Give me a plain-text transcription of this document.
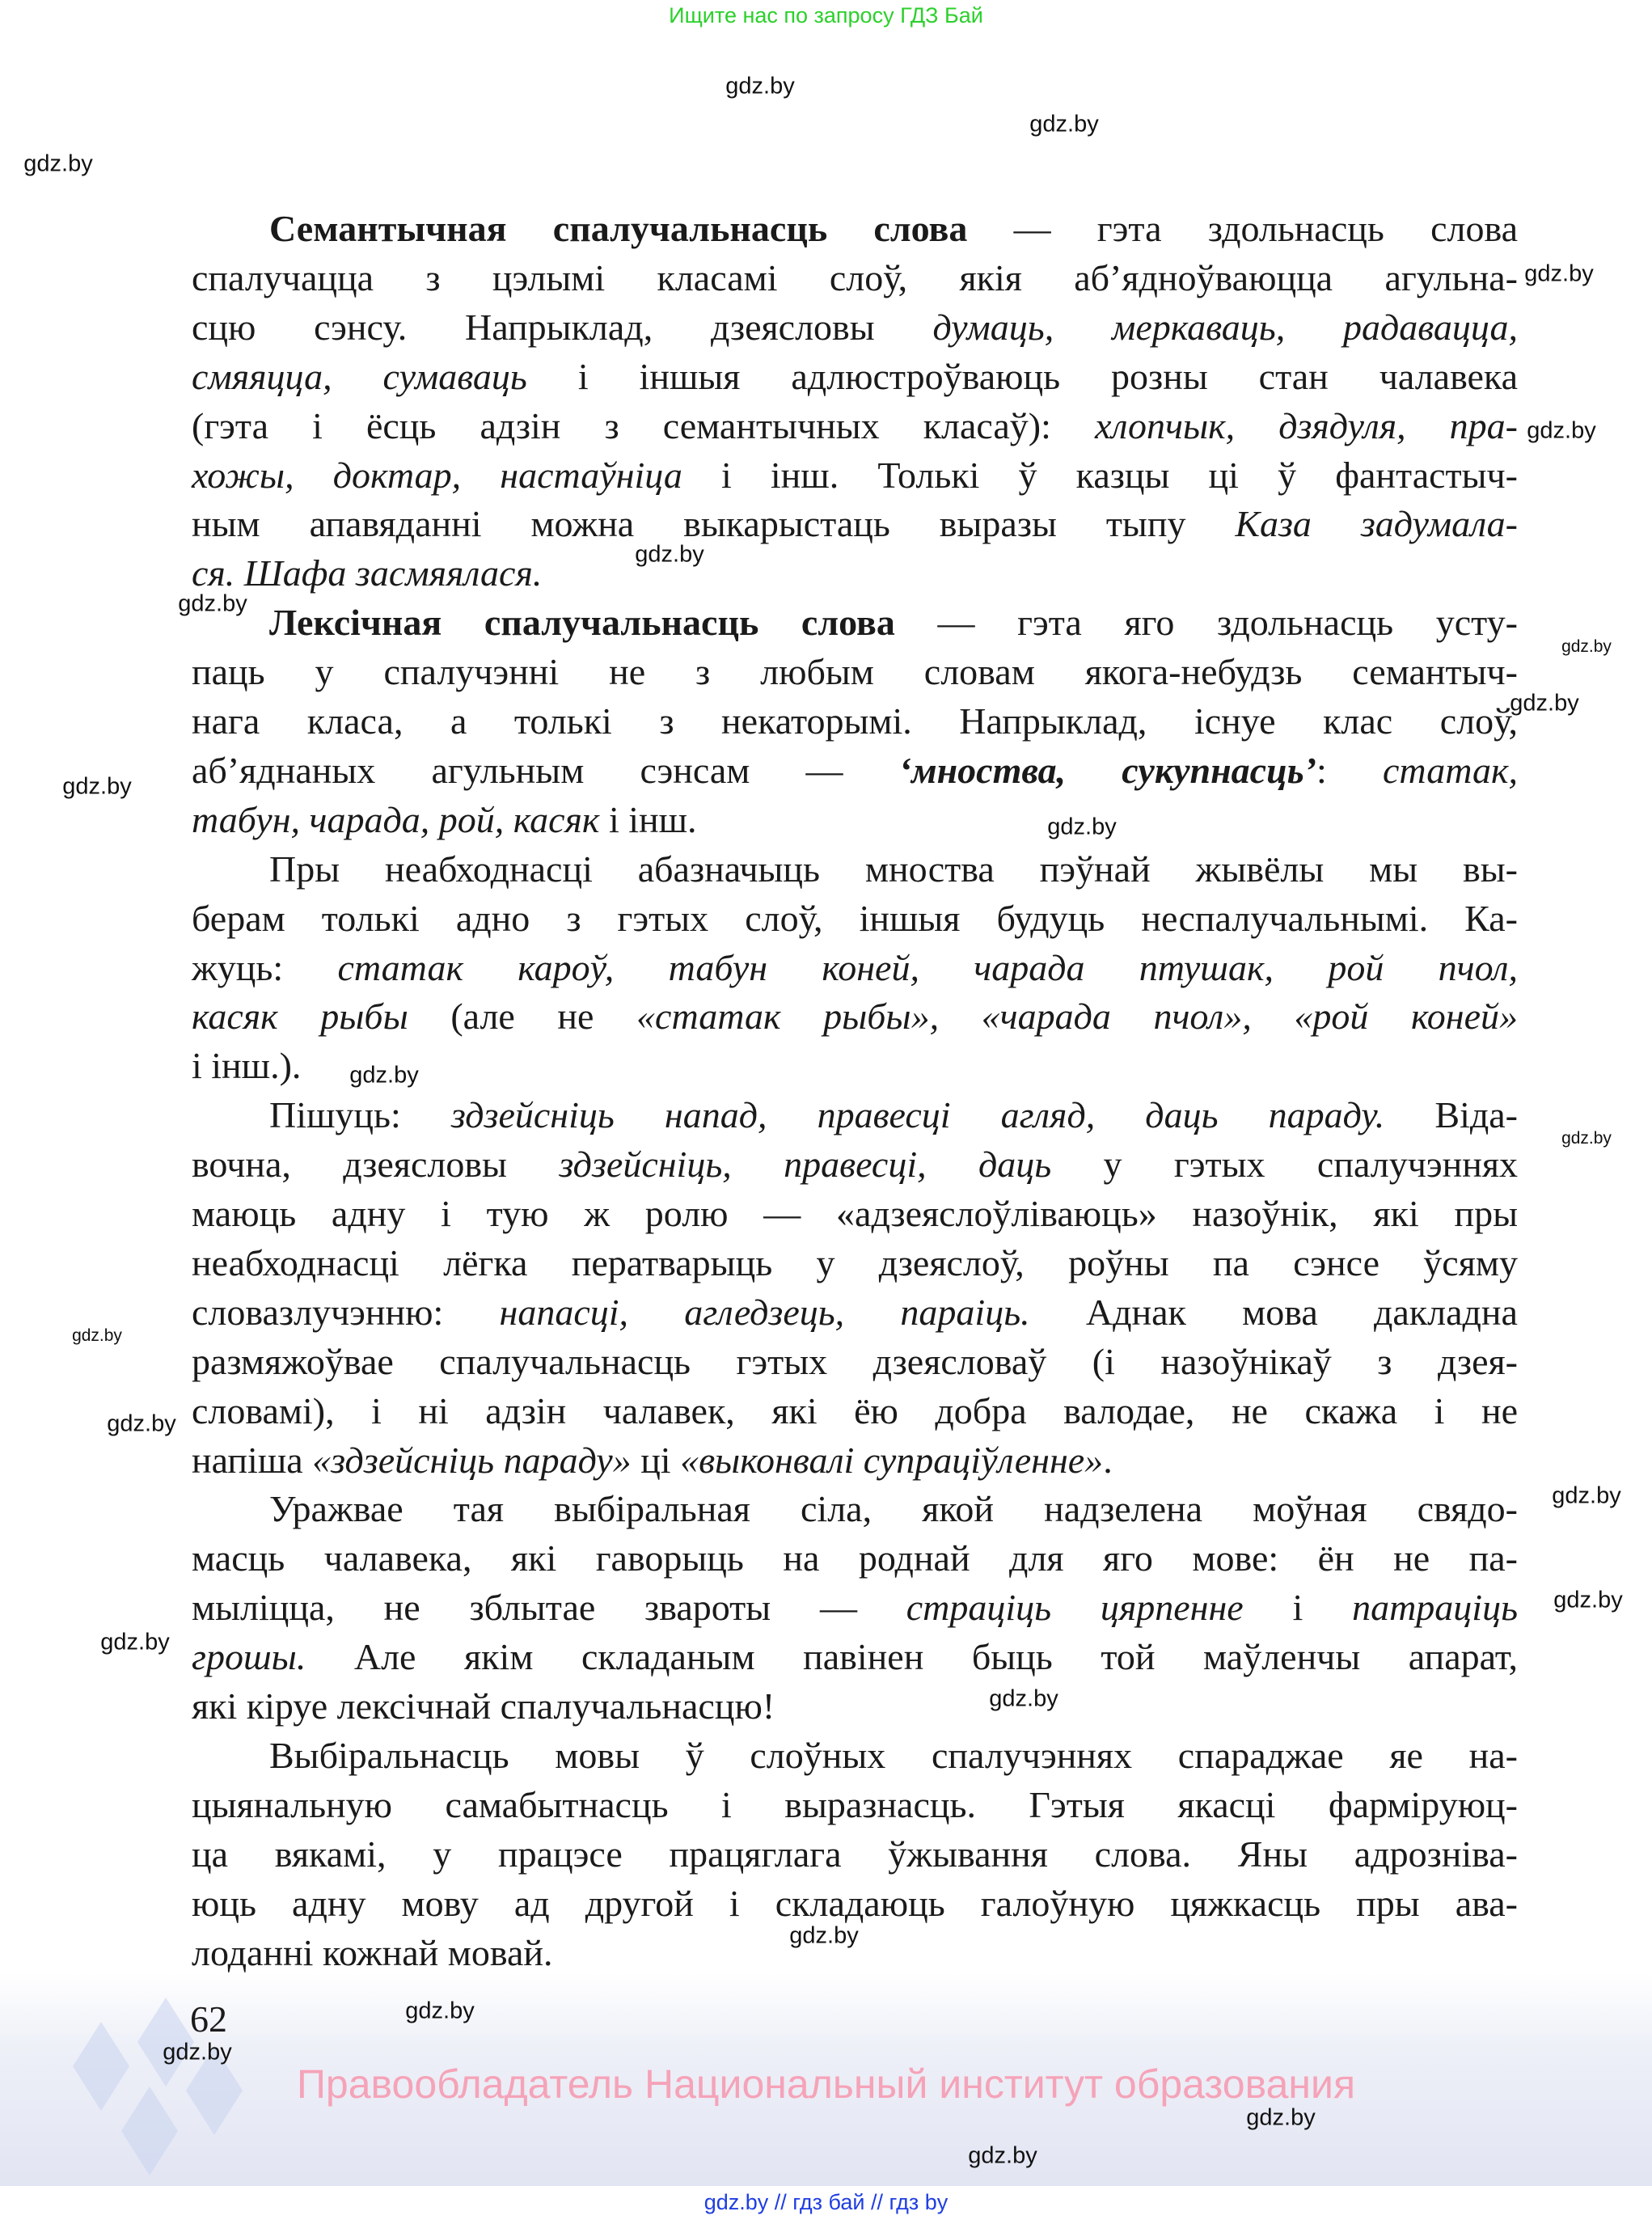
Ищите нас по запросу ГДЗ Бай
Семантычная спалучальнасць слова — гэта здольнасць слова
спалучацца з цэлымі класамі слоў, якія аб’ядноўваюцца агульна-
сцю сэнсу. Напрыклад, дзеясловы думаць, меркаваць, радавацца,
смяяцца, сумаваць і іншыя адлюстроўваюць розны стан чалавека
(гэта і ёсць адзін з семантычных класаў): хлопчык, дзядуля, пра-
хожы, доктар, настаўніца і інш. Толькі ў казцы ці ў фантастыч-
ным апавяданні можна выкарыстаць выразы тыпу Каза задумала-
ся. Шафа засмяялася.
Лексічная спалучальнасць слова — гэта яго здольнасць усту-
паць у спалучэнні не з любым словам якога-небудзь семантыч-
нага класа, а толькі з некаторымі. Напрыклад, існуе клас слоў,
аб’яднаных агульным сэнсам — ‘мноства, сукупнасць’: статак,
табун, чарада, рой, касяк і інш.
Пры неабходнасці абазначыць мноства пэўнай жывёлы мы вы-
берам толькі адно з гэтых слоў, іншыя будуць неспалучальнымі. Ка-
жуць: статак кароў, табун коней, чарада птушак, рой пчол,
касяк рыбы (але не «статак рыбы», «чарада пчол», «рой коней»
і інш.).
Пішуць: здзейсніць напад, правесці агляд, даць параду. Віда-
вочна, дзеясловы здзейсніць, правесці, даць у гэтых спалучэннях
маюць адну і тую ж ролю — «адзеяслоўліваюць» назоўнік, які пры
неабходнасці лёгка ператварыць у дзеяслоў, роўны па сэнсе ўсяму
словазлучэнню: напасці, агледзець, параіць. Аднак мова дакладна
размяжоўвае спалучальнасць гэтых дзеясловаў (і назоўнікаў з дзея-
словамі), і ні адзін чалавек, які ёю добра валодае, не скажа і не
напіша «здзейсніць параду» ці «выконвалі супраціўленне».
Уражвае тая выбіральная сіла, якой надзелена моўная свядо-
масць чалавека, які гаворыць на роднай для яго мове: ён не па-
мыліцца, не зблытае звароты — страціць цярпенне і патраціць
грошы. Але якім складаным павінен быць той маўленчы апарат,
які кіруе лексічнай спалучальнасцю!
Выбіральнасць мовы ў слоўных спалучэннях спараджае яе на-
цыянальную самабытнасць і выразнасць. Гэтыя якасці фарміруюц-
ца вякамі, у працэсе працяглага ўжывання слова. Яны адрозніва-
юць адну мову ад другой і складаюць галоўную цяжкасць пры ава-
лоданні кожнай мовай.
62
Правообладатель Национальный институт образования
gdz.by // гдз бай // гдз by
gdz.by
gdz.by
gdz.by
gdz.by
gdz.by
gdz.by
gdz.by
gdz.by
gdz.by
gdz.by
gdz.by
gdz.by
gdz.by
gdz.by
gdz.by
gdz.by
gdz.by
gdz.by
gdz.by
gdz.by
gdz.by
gdz.by
gdz.by
gdz.by
